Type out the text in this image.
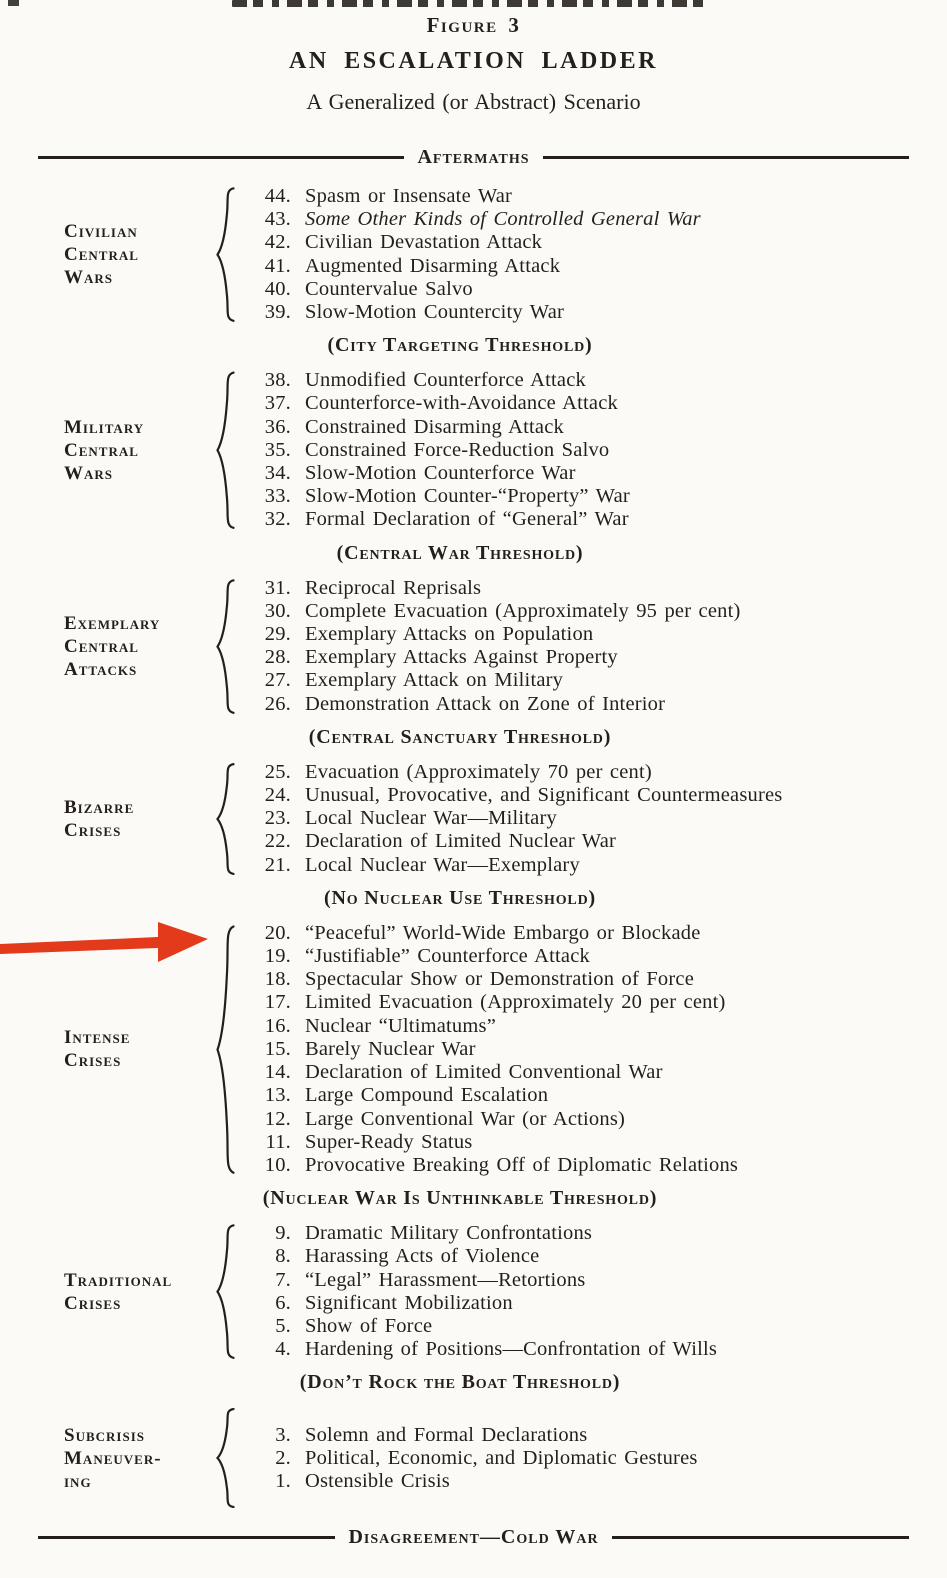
Figure 3
AN ESCALATION LADDER
A Generalized (or Abstract) Scenario
Aftermaths
Civilian
Central
Wars
44. Spasm or Insensate War
43. Some Other Kinds of Controlled General War
42. Civilian Devastation Attack
41. Augmented Disarming Attack
40. Countervalue Salvo
39. Slow-Motion Countercity War
(City Targeting Threshold)
Military
Central
Wars
38. Unmodified Counterforce Attack
37. Counterforce-with-Avoidance Attack
36. Constrained Disarming Attack
35. Constrained Force-Reduction Salvo
34. Slow-Motion Counterforce War
33. Slow-Motion Counter-“Property” War
32. Formal Declaration of “General” War
(Central War Threshold)
Exemplary
Central
Attacks
31. Reciprocal Reprisals
30. Complete Evacuation (Approximately 95 per cent)
29. Exemplary Attacks on Population
28. Exemplary Attacks Against Property
27. Exemplary Attack on Military
26. Demonstration Attack on Zone of Interior
(Central Sanctuary Threshold)
Bizarre
Crises
25. Evacuation (Approximately 70 per cent)
24. Unusual, Provocative, and Significant Countermeasures
23. Local Nuclear War—Military
22. Declaration of Limited Nuclear War
21. Local Nuclear War—Exemplary
(No Nuclear Use Threshold)
Intense
Crises
20. “Peaceful” World-Wide Embargo or Blockade
19. “Justifiable” Counterforce Attack
18. Spectacular Show or Demonstration of Force
17. Limited Evacuation (Approximately 20 per cent)
16. Nuclear “Ultimatums”
15. Barely Nuclear War
14. Declaration of Limited Conventional War
13. Large Compound Escalation
12. Large Conventional War (or Actions)
11. Super-Ready Status
10. Provocative Breaking Off of Diplomatic Relations
(Nuclear War Is Unthinkable Threshold)
Traditional
Crises
9. Dramatic Military Confrontations
8. Harassing Acts of Violence
7. “Legal” Harassment—Retortions
6. Significant Mobilization
5. Show of Force
4. Hardening of Positions—Confrontation of Wills
(Don’t Rock the Boat Threshold)
Subcrisis
Maneuver-
ing
3. Solemn and Formal Declarations
2. Political, Economic, and Diplomatic Gestures
1. Ostensible Crisis
Disagreement—Cold War
